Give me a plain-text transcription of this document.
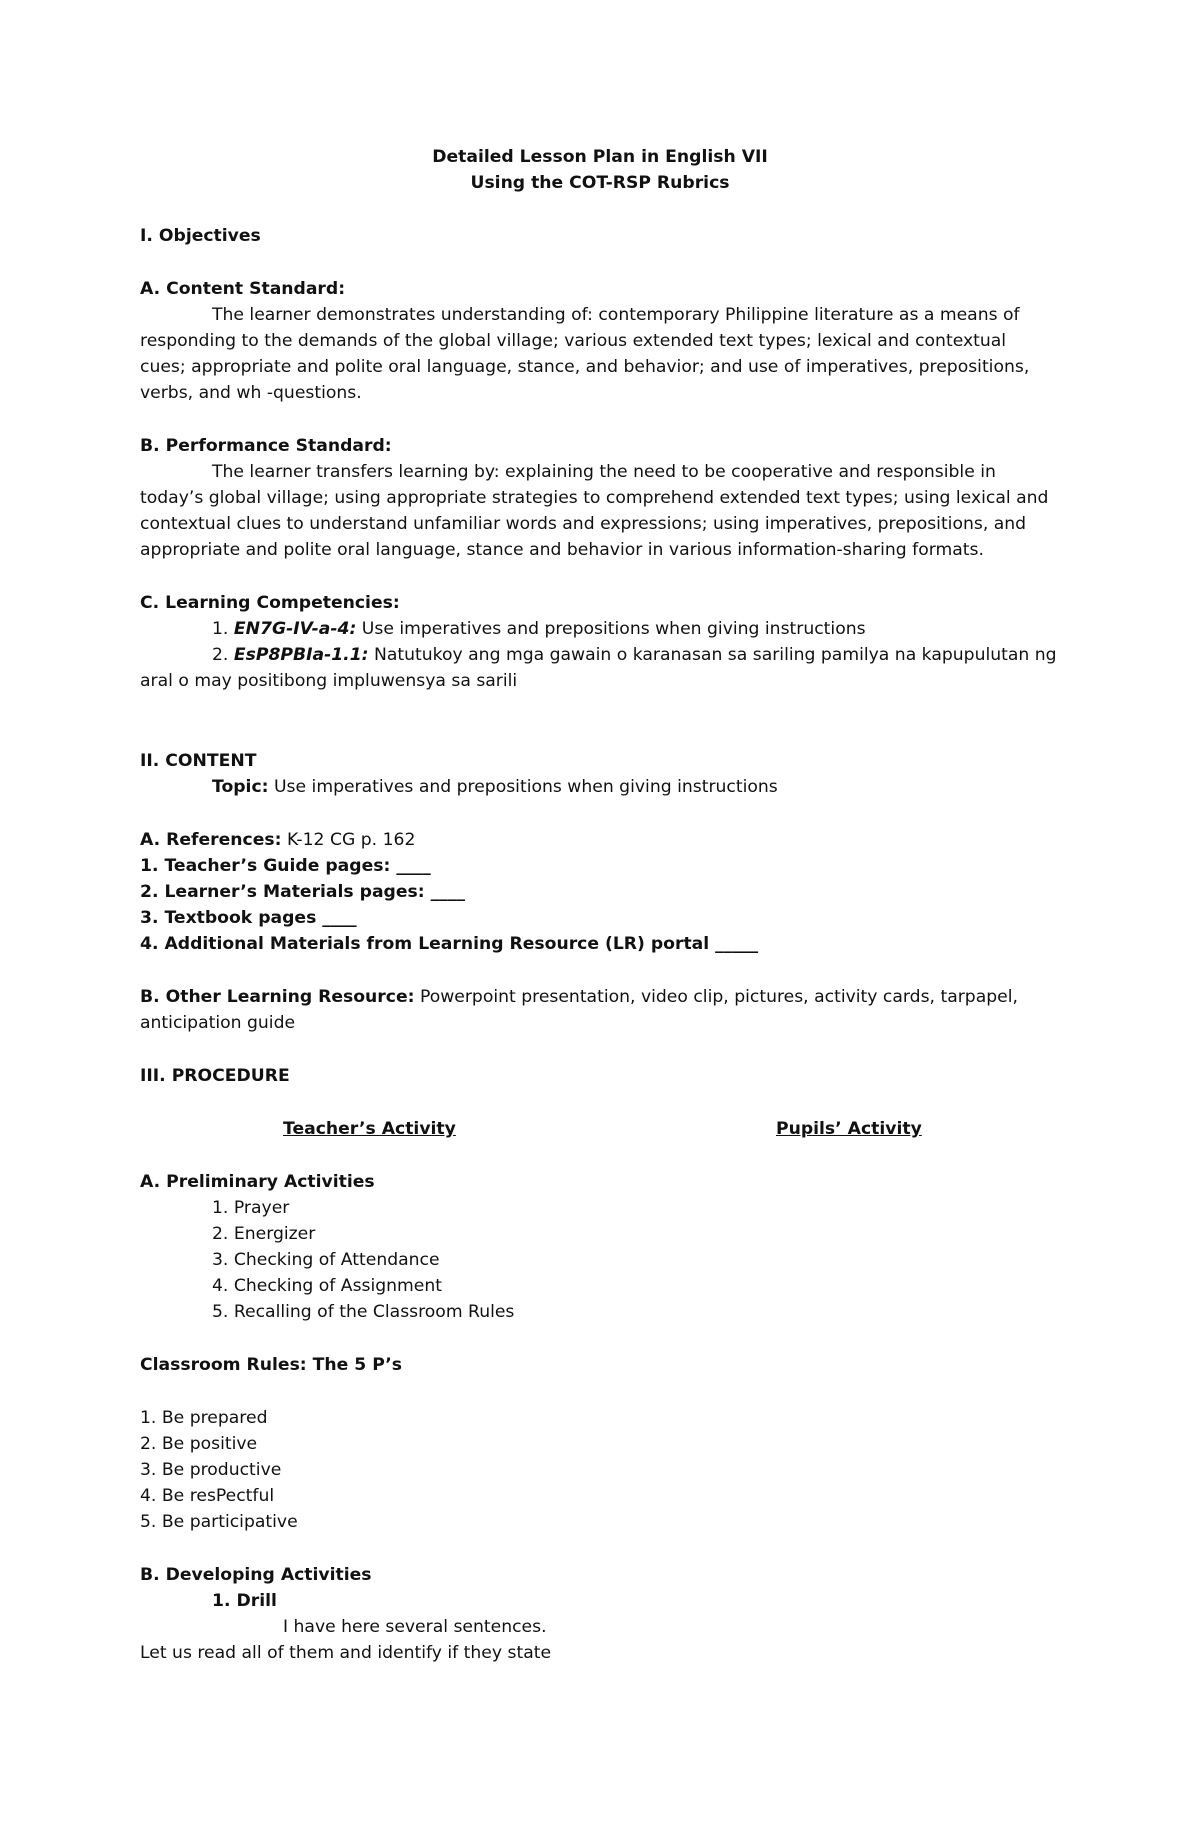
Detailed Lesson Plan in English VII

Using the COT-RSP Rubrics

I. Objectives

A. Content Standard:

The learner demonstrates understanding of: contemporary Philippine literature as a means of

responding to the demands of the global village; various extended text types; lexical and contextual

cues; appropriate and polite oral language, stance, and behavior; and use of imperatives, prepositions,

verbs, and wh -questions.

B. Performance Standard:

The learner transfers learning by: explaining the need to be cooperative and responsible in

today’s global village; using appropriate strategies to comprehend extended text types; using lexical and

contextual clues to understand unfamiliar words and expressions; using imperatives, prepositions, and

appropriate and polite oral language, stance and behavior in various information-sharing formats.

C. Learning Competencies:

1. EN7G-IV-a-4: Use imperatives and prepositions when giving instructions

2. EsP8PBIa-1.1: Natutukoy ang mga gawain o karanasan sa sariling pamilya na kapupulutan ng

aral o may positibong impluwensya sa sarili

II. CONTENT

Topic: Use imperatives and prepositions when giving instructions

A. References: K-12 CG p. 162

1. Teacher’s Guide pages: ____

2. Learner’s Materials pages: ____

3. Textbook pages ____

4. Additional Materials from Learning Resource (LR) portal _____

B. Other Learning Resource: Powerpoint presentation, video clip, pictures, activity cards, tarpapel,

anticipation guide

III. PROCEDURE

Teacher’s Activity	Pupils’ Activity

A. Preliminary Activities

1. Prayer

2. Energizer

3. Checking of Attendance

4. Checking of Assignment

5. Recalling of the Classroom Rules

Classroom Rules: The 5 P’s

1. Be prepared

2. Be positive

3. Be productive

4. Be resPectful

5. Be participative

B. Developing Activities

1. Drill

I have here several sentences.

Let us read all of them and identify if they state
